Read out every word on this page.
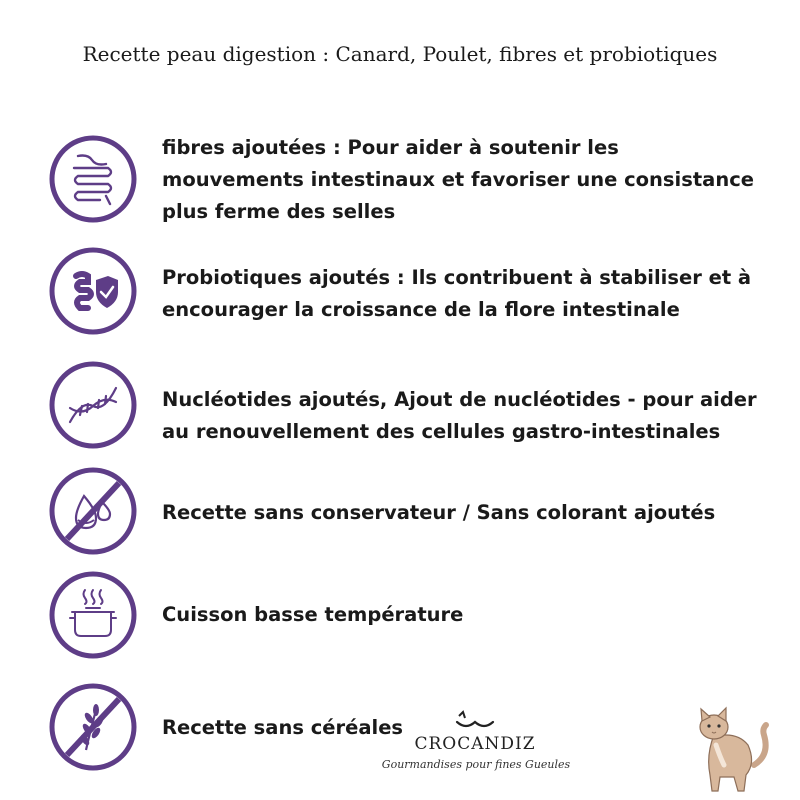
Recette peau digestion : Canard, Poulet, fibres et probiotiques
fibres ajoutées : Pour aider à soutenir les mouvements intestinaux et favoriser une consistance plus ferme des selles
Probiotiques ajoutés : Ils contribuent à stabiliser et à encourager la croissance de la flore intestinale
Nucléotides ajoutés, Ajout de nucléotides - pour aider au renouvellement des cellules gastro-intestinales
Recette sans conservateur / Sans colorant ajoutés
Cuisson basse température
Recette sans céréales
CROCANDIZ
Gourmandises pour fines Gueules
